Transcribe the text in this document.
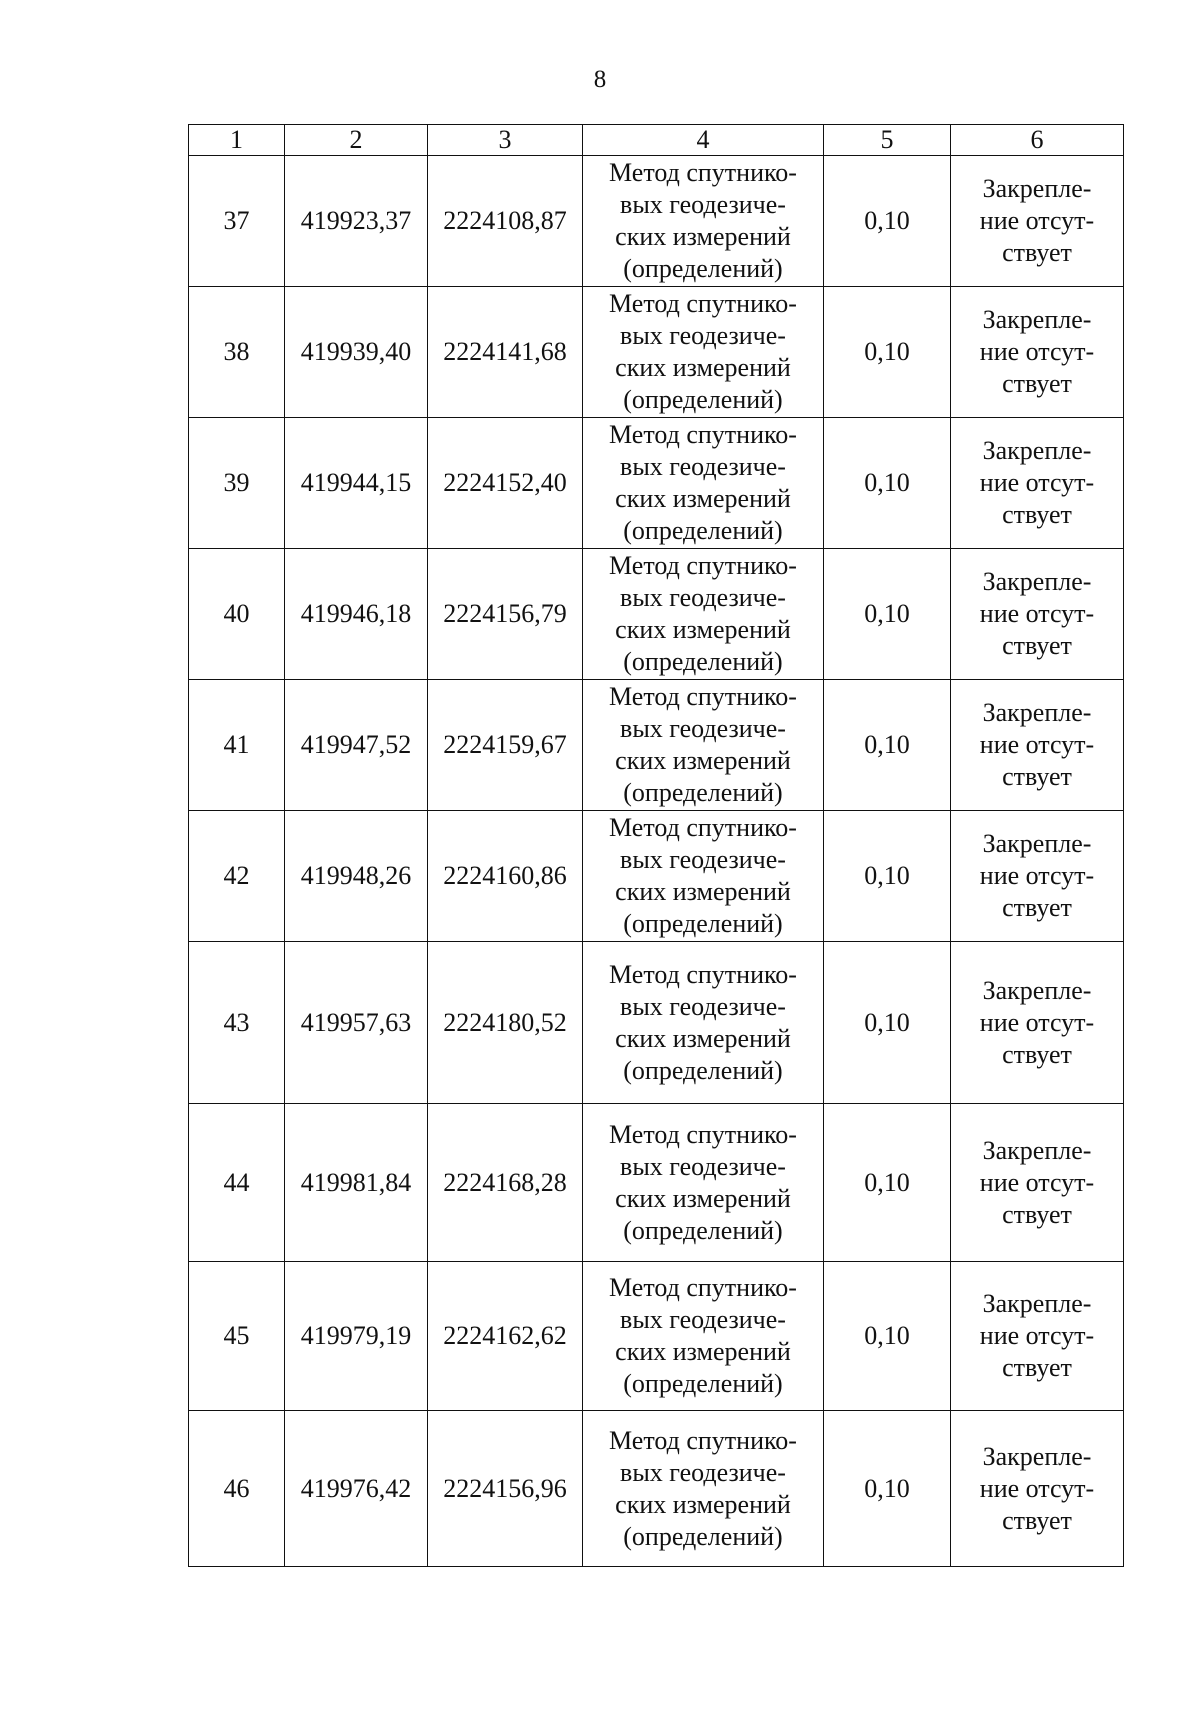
8
1	2	3	4	5	6
37	419923,37	2224108,87	Метод спутнико-
вых геодезиче-
ских измерений
(определений)	0,10	Закрепле-
ние отсут-
ствует

38	419939,40	2224141,68	Метод спутнико-
вых геодезиче-
ских измерений
(определений)	0,10	Закрепле-
ние отсут-
ствует

39	419944,15	2224152,40	Метод спутнико-
вых геодезиче-
ских измерений
(определений)	0,10	Закрепле-
ние отсут-
ствует

40	419946,18	2224156,79	Метод спутнико-
вых геодезиче-
ских измерений
(определений)	0,10	Закрепле-
ние отсут-
ствует

41	419947,52	2224159,67	Метод спутнико-
вых геодезиче-
ских измерений
(определений)	0,10	Закрепле-
ние отсут-
ствует

42	419948,26	2224160,86	Метод спутнико-
вых геодезиче-
ских измерений
(определений)	0,10	Закрепле-
ние отсут-
ствует

43	419957,63	2224180,52	Метод спутнико-
вых геодезиче-
ских измерений
(определений)	0,10	Закрепле-
ние отсут-
ствует

44	419981,84	2224168,28	Метод спутнико-
вых геодезиче-
ских измерений
(определений)	0,10	Закрепле-
ние отсут-
ствует

45	419979,19	2224162,62	Метод спутнико-
вых геодезиче-
ских измерений
(определений)	0,10	Закрепле-
ние отсут-
ствует

46	419976,42	2224156,96	Метод спутнико-
вых геодезиче-
ских измерений
(определений)	0,10	Закрепле-
ние отсут-
ствует
